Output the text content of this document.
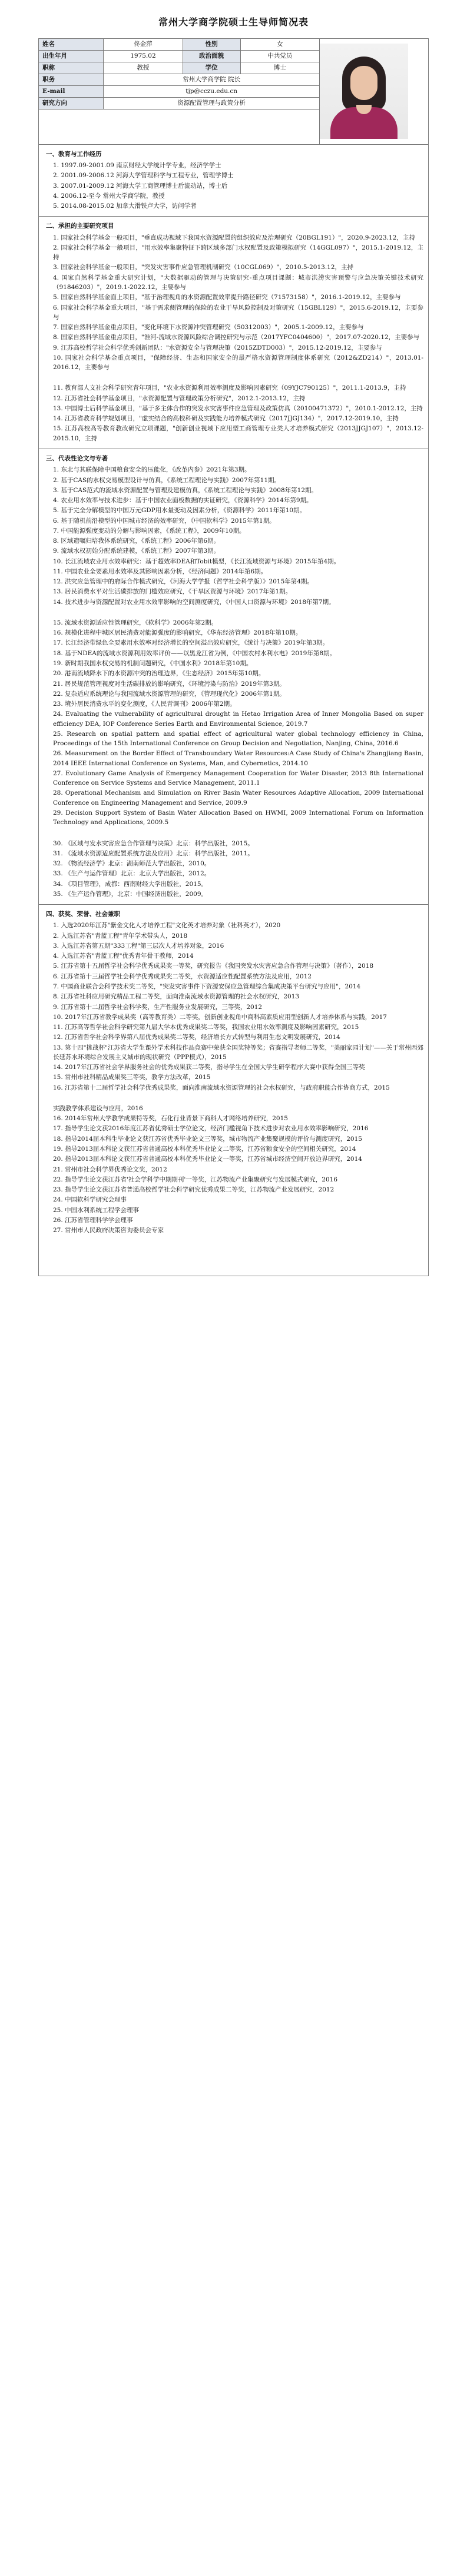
常州大学商学院硕士生导师简况表
姓名	佟金萍	性别	女	

出生年月	1975.02	政治面貌	中共党员	
职称	教授	学位	博士	
职务	常州大学商学院 院长			
E-mail	tjp@cczu.edu.cn			
研究方向	资源配置管理与政策分析			

一、教育与工作经历
1. 1997.09-2001.09 南京财经大学统计学专业，经济学学士
2. 2001.09-2006.12 河海大学管理科学与工程专业，管理学博士
3. 2007.01-2009.12 河海大学工商管理博士后流动站，博士后
4. 2006.12-至今 常州大学商学院，教授
5. 2014.08-2015.02 加拿大滑铁卢大学，访问学者
二、承担的主要研究项目
1. 国家社会科学基金一般项目，"垂直成功视域下我国水资源配置的组织效应及治理研究（20BGL191）"，2020.9-2023.12，主持
2. 国家社会科学基金一般项目，"用水效率集聚特征下跨区域多部门水权配置及政策模拟研究（14GGL097）"，2015.1-2019.12，主持
3. 国家社会科学基金一般项目，"突发灾害事件应急管理机制研究（10CGL069）"，2010.5-2013.12，主持
4. 国家自然科学基金重大研究计划，"大数据驱动的管理与决策研究-重点项目课题：城市洪涝灾害预警与应急决策关键技术研究（91846203）"，2019.1-2022.12，主要参与
5. 国家自然科学基金面上项目，"基于治理视角的水资源配置效率提升路径研究（71573158）"，2016.1-2019.12，主要参与
6. 国家社会科学基金重大项目，"基于需求侧管理的保险的农业干旱风险控制及对策研究（15GBL129）"，2015.6-2019.12，主要参与
7. 国家自然科学基金重点项目，"变化环境下水资源冲突管理研究（50312003）"，2005.1-2009.12，主要参与
8. 国家自然科学基金重点项目，"淮河-流域水资源风险综合调控研究与示范（2017YFC0404600）"，2017.07-2020.12，主要参与
9. 江苏高校哲学社会科学优秀创新团队："水资源安全与管理决策（2015ZDTD003）"，2015.12-2019.12，主要参与
10. 国家社会科学基金重点项目，"保障经济、生态和国家安全的最严格水资源管理制度体系研究（2012&ZD214）"，2013.01-2016.12，主要参与
11. 教育部人文社会科学研究青年项目，"农业水资源利用效率测度及影响因素研究（09YJC790125）"，2011.1-2013.9，主持
12. 江苏省社会科学基金项目，"水资源配置与管理政策分析研究"，2012.1-2013.12，主持
13. 中国博士后科学基金项目，"基于多主体合作的突发水灾害事件应急管理及政策仿真（20100471372）"，2010.1-2012.12，主持
14. 江苏省教育科学规划项目，"虚实结合的高校科研及实践能力培养模式研究（2017JJGJ134）"，2017.12-2019.10，主持
15. 江苏高校高等教育教改研究立项课题，"创新创业视域下应用型工商管理专业类人才培养模式研究（2013JJGJ107）"，2013.12-2015.10，主持
三、代表性论文与专著
1. 东北与其联保障中国粮食安全的压能化，《改革内参》2021年第3期。
2. 基于CAS的水权交易模型设计与仿真，《系统工程理论与实践》2007年第11期。
3. 基于CAS范式的流域水资源配置与管理及建模仿真，《系统工程理论与实践》2008年第12期。
4. 农业用水效率与技术进步：基于中国农业面板数据的实证研究，《资源科学》2014年第9期。
5. 基于完全分解模型的中国万元GDP用水量变动及因素分析，《资源科学》2011年第10期。
6. 基于随机前沿模型的中国城市经济的效率研究，《中国软科学》2015年第1期。
7. 中国能源强度变动的分解与影响因素，《系统工程》，2009年10期。
8. 区域遗嘱归培我体系统研究，《系统工程》2006年第6期。
9. 流域水权初始分配系统建模，《系统工程》2007年第3期。
10. 长江流域农业用水效率研究：基于超效率DEA和Tobit模型，《长江流域资源与环境》2015年第4期。
11. 中国农业全要素用水效率及其影响因素分析，《经济问题》2014年第6期。
12. 洪灾应急管理中的府际合作模式研究，《河海大学学报（哲学社会科学版）》2015年第4期。
13. 居民消费水平对生活碳排放的门槛效应研究，《干旱区资源与环境》2017年第1期。
14. 技术进步与资源配置对农业用水效率影响的空间测度研究，《中国人口资源与环境》2018年第7期。
15. 流域水资源适应性管理研究，《软科学》2006年第2期。
16. 规模化进程中城区居民消费对能源强度的影响研究，《华东经济管理》2018年第10期。
17. 长江经济带绿色全要素用水效率对经济增长的空间溢出效应研究，《统计与决策》2019年第3期。
18. 基于NDEA的流域水资源利用效率评价——以黑龙江省为例，《中国农村水利水电》2019年第8期。
19. 新时期我国水权交易的机制问题研究，《中国水利》2018年第10期。
20. 港南流域降水下的水资源冲突的治理边界，《生态经济》2015年第10期。
21. 居民规范管理视度对生活碳排放的影响研究，《环境污染与防治》2019年第3期。
22. 复杂适应系统理论与我国流域水资源管理的研究，《管理现代化》2006年第1期。
23. 境外居民消费水平的变化测度，《人民青调刊》2006年第2期。
24. Evaluating the vulnerability of agricultural drought in Hetao Irrigation Area of Inner Mongolia Based on super efficiency DEA, IOP Conference Series Earth and Environmental Science, 2019.7
25. Research on spatial pattern and spatial effect of agricultural water global technology efficiency in China, Proceedings of the 15th International Conference on Group Decision and Negotiation, Nanjing, China, 2016.6
26. Measurement on the Border Effect of Transboundary Water Resources:A Case Study of China's Zhangjiang Basin, 2014 IEEE International Conference on Systems, Man, and Cybernetics, 2014.10
27. Evolutionary Game Analysis of Emergency Management Cooperation for Water Disaster, 2013 8th International Conference on Service Systems and Service Management, 2011.1
28. Operational Mechanism and Simulation on River Basin Water Resources Adaptive Allocation, 2009 International Conference on Engineering Management and Service, 2009.9
29. Decision Support System of Basin Water Allocation Based on HWMI, 2009 International Forum on Information Technology and Applications, 2009.5
30. 《区域与发水灾害应急合作管理与决策》北京：科学出版社，2015。
31. 《流域水资源适应配置系统方法及应用》北京：科学出版社，2011。
32. 《物流经济学》北京：湖南师范大学出版社，2010。
33. 《生产与运作管理》北京：北京大学出版社，2012。
34. 《项目管理》，成都：西南财经大学出版社，2015。
35. 《生产运作管理》，北京：中国经济出版社，2009。
四、获奖、荣誉、社会兼职
1. 入选2020年江苏"紫金文化人才培养工程"文化英才培养对象（社科英才），2020
2. 入选江苏省"青蓝工程"青年学术带头人，2018
3. 入选江苏省第五期"333工程"第三层次人才培养对象，2016
4. 入选江苏省"青蓝工程"优秀青年骨干教师，2014
5. 江苏省第十五届哲学社会科学优秀成果奖一等奖，研究报告《我国突发水灾害应急合作管理与决策》（著作），2018
6. 江苏省第十三届哲学社会科学优秀成果奖二等奖，水资源适应性配置系统方法及应用，2012
7. 中国商业联合会科学技术奖二等奖，"突发灾害事件下资源安保应急管理综合集成决策平台研究与应用"，2014
8. 江苏省社科应用研究精品工程二等奖，面向淮南流域水资源管理的社会水权研究，2013
9. 江苏省第十二届哲学社会科学奖，生产性服务业发展研究，三等奖，2012
10. 2017年江苏省教学成果奖（高等教育类）二等奖，创新创业视角中商科高素质应用型创新人才培养体系与实践，2017
11. 江苏高等哲学社会科学研究第九届大学本优秀成果奖二等奖，我国农业用水效率测度及影响因素研究，2015
12. 江苏省哲学社会科学界第八届优秀成果奖二等奖，经济增长方式转型与利用生态文明发展研究，2014
13. 第十四"挑战杯"江苏省大学生课外学术科技作品竞赛中荣获全国奖特等奖；省赛指导老师二等奖，"美丽家园计划"——关于常州西郊长延苏水环境综合发展主义城市的现状研究（PPP模式），2015
14. 2017年江苏省社会学界服务社会的优秀成果获二等奖，指导学生在全国大学生研学程序大赛中获得全国三等奖
15. 常州市社科精品成果奖三等奖，教学方法改革，2015
16. 江苏省第十二届哲学社会科学优秀成果奖，面向淮南流域水资源管理的社会水权研究，与政府职能合作协商方式，2015
实践教学体系建设与应用，2016
16. 2014年常州大学教学成果特等奖，石化行业背景下商科人才网络培养研究，2015
17. 指导学生论文获2016年度江苏省优秀硕士学位论文，经济门槛视角下技术进步对农业用水效率影响研究，2016
18. 指导2014届本科生毕业论文获江苏省优秀毕业论文三等奖，城市物流产业集聚规模的评价与测度研究，2015
19. 指导2013届本科论文获江苏省普通高校本科优秀毕业论文二等奖，江苏省粮食安全的空间相关研究，2014
20. 指导2013届本科论文获江苏省普通高校本科优秀毕业论文一等奖，江苏省城市经济空间开放边界研究，2014
21. 常州市社会科学界优秀论文奖，2012
22. 指导学生论文获江苏省'社会学科学中期期刊'一等奖，江苏物流产业集聚研究与发展模式研究，2016
23. 指导学生论文获江苏省普通高校哲学社会科学研究优秀成果二等奖，江苏物流产业发展研究，2012
24. 中国软科学研究会理事
25. 中国水利系统工程学会理事
26. 江苏省管理科学学会理事
27. 常州市人民政府决策咨询委员会专家
